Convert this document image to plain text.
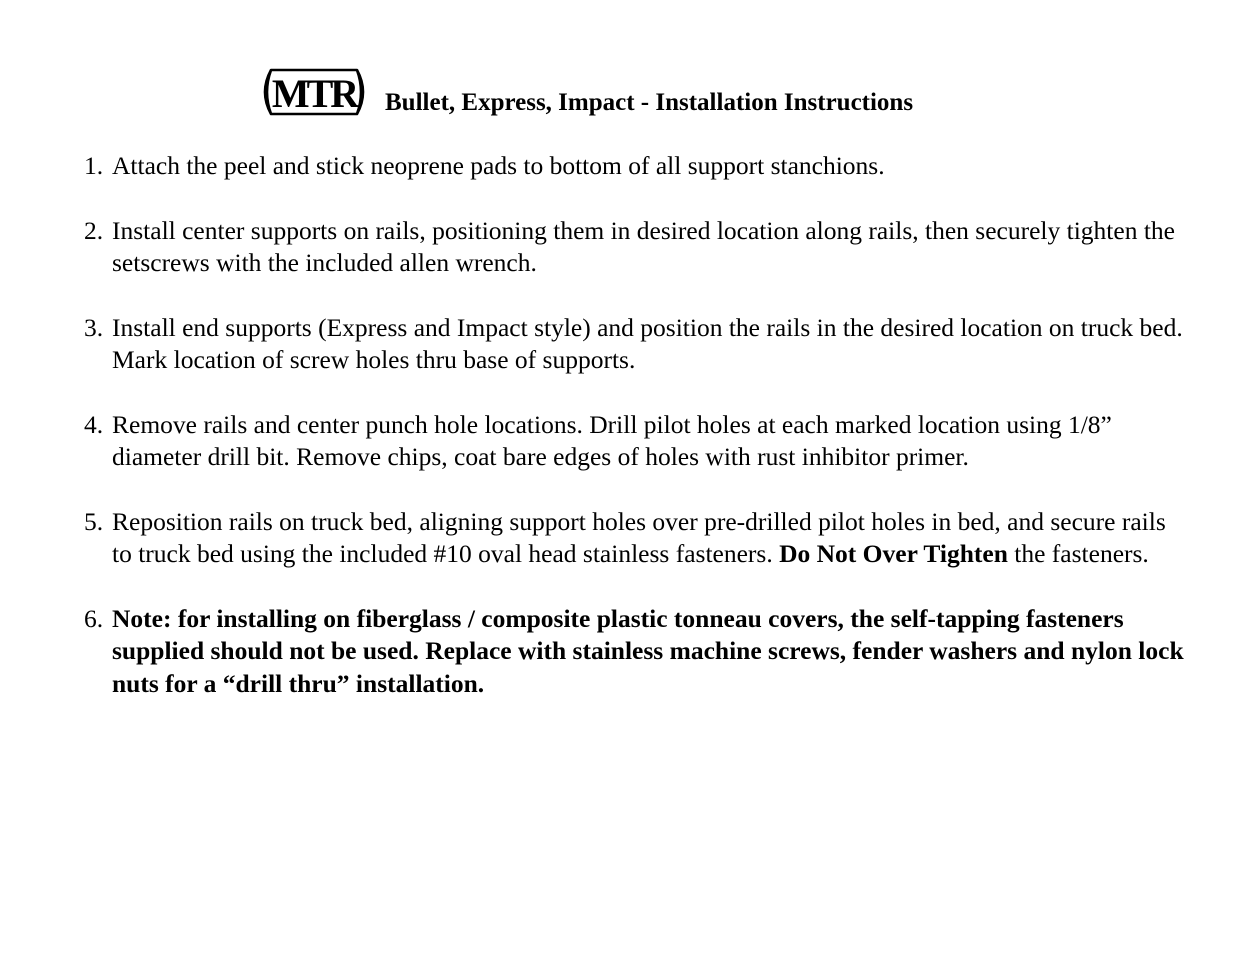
MTR Bullet, Express, Impact - Installation Instructions
1. Attach the peel and stick neoprene pads to bottom of all support stanchions.
2. Install center supports on rails, positioning them in desired location along rails, then securely tighten the setscrews with the included allen wrench.
3. Install end supports (Express and Impact style) and position the rails in the desired location on truck bed. Mark location of screw holes thru base of supports.
4. Remove rails and center punch hole locations. Drill pilot holes at each marked location using 1/8” diameter drill bit. Remove chips, coat bare edges of holes with rust inhibitor primer.
5. Reposition rails on truck bed, aligning support holes over pre-drilled pilot holes in bed, and secure rails to truck bed using the included #10 oval head stainless fasteners. Do Not Over Tighten the fasteners.
6. Note: for installing on fiberglass / composite plastic tonneau covers, the self-tapping fasteners supplied should not be used. Replace with stainless machine screws, fender washers and nylon lock nuts for a “drill thru” installation.
